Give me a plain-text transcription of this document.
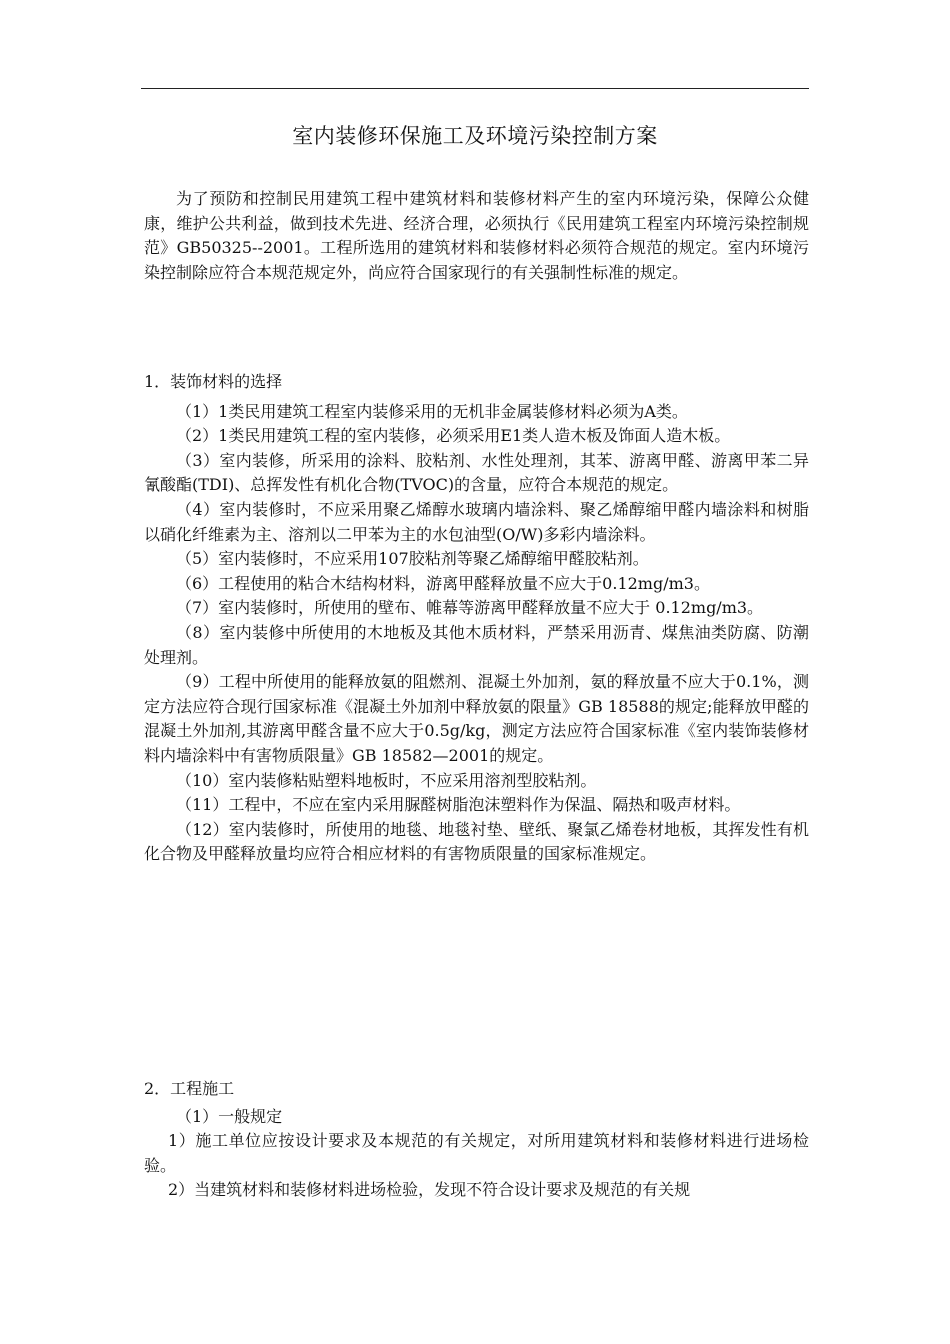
室内装修环保施工及环境污染控制方案

为了预防和控制民用建筑工程中建筑材料和装修材料产生的室内环境污染，保障公众健康，维护公共利益，做到技术先进、经济合理，必须执行《民用建筑工程室内环境污染控制规范》GB50325--2001。工程所选用的建筑材料和装修材料必须符合规范的规定。室内环境污染控制除应符合本规范规定外，尚应符合国家现行的有关强制性标准的规定。

1．装饰材料的选择

（1）1类民用建筑工程室内装修采用的无机非金属装修材料必须为A类。

（2）1类民用建筑工程的室内装修，必须采用E1类人造木板及饰面人造木板。

（3）室内装修，所采用的涂料、胶粘剂、水性处理剂，其苯、游离甲醛、游离甲苯二异氰酸酯(TDI)、总挥发性有机化合物(TVOC)的含量，应符合本规范的规定。

（4）室内装修时，不应采用聚乙烯醇水玻璃内墙涂料、聚乙烯醇缩甲醛内墙涂料和树脂以硝化纤维素为主、溶剂以二甲苯为主的水包油型(O/W)多彩内墙涂料。

（5）室内装修时，不应采用107胶粘剂等聚乙烯醇缩甲醛胶粘剂。

（6）工程使用的粘合木结构材料，游离甲醛释放量不应大于0.12mg/m3。

（7）室内装修时，所使用的壁布、帷幕等游离甲醛释放量不应大于 0.12mg/m3。

（8）室内装修中所使用的木地板及其他木质材料，严禁采用沥青、煤焦油类防腐、防潮处理剂。

（9）工程中所使用的能释放氨的阻燃剂、混凝土外加剂，氨的释放量不应大于0.1%，测定方法应符合现行国家标准《混凝土外加剂中释放氨的限量》GB 18588的规定;能释放甲醛的混凝土外加剂,其游离甲醛含量不应大于0.5g/kg，测定方法应符合国家标准《室内装饰装修材料内墙涂料中有害物质限量》GB 18582—2001的规定。

（10）室内装修粘贴塑料地板时，不应采用溶剂型胶粘剂。

（11）工程中，不应在室内采用脲醛树脂泡沫塑料作为保温、隔热和吸声材料。

（12）室内装修时，所使用的地毯、地毯衬垫、壁纸、聚氯乙烯卷材地板，其挥发性有机化合物及甲醛释放量均应符合相应材料的有害物质限量的国家标准规定。

2．工程施工

（1）一般规定

1）施工单位应按设计要求及本规范的有关规定，对所用建筑材料和装修材料进行进场检验。

2）当建筑材料和装修材料进场检验，发现不符合设计要求及规范的有关规
